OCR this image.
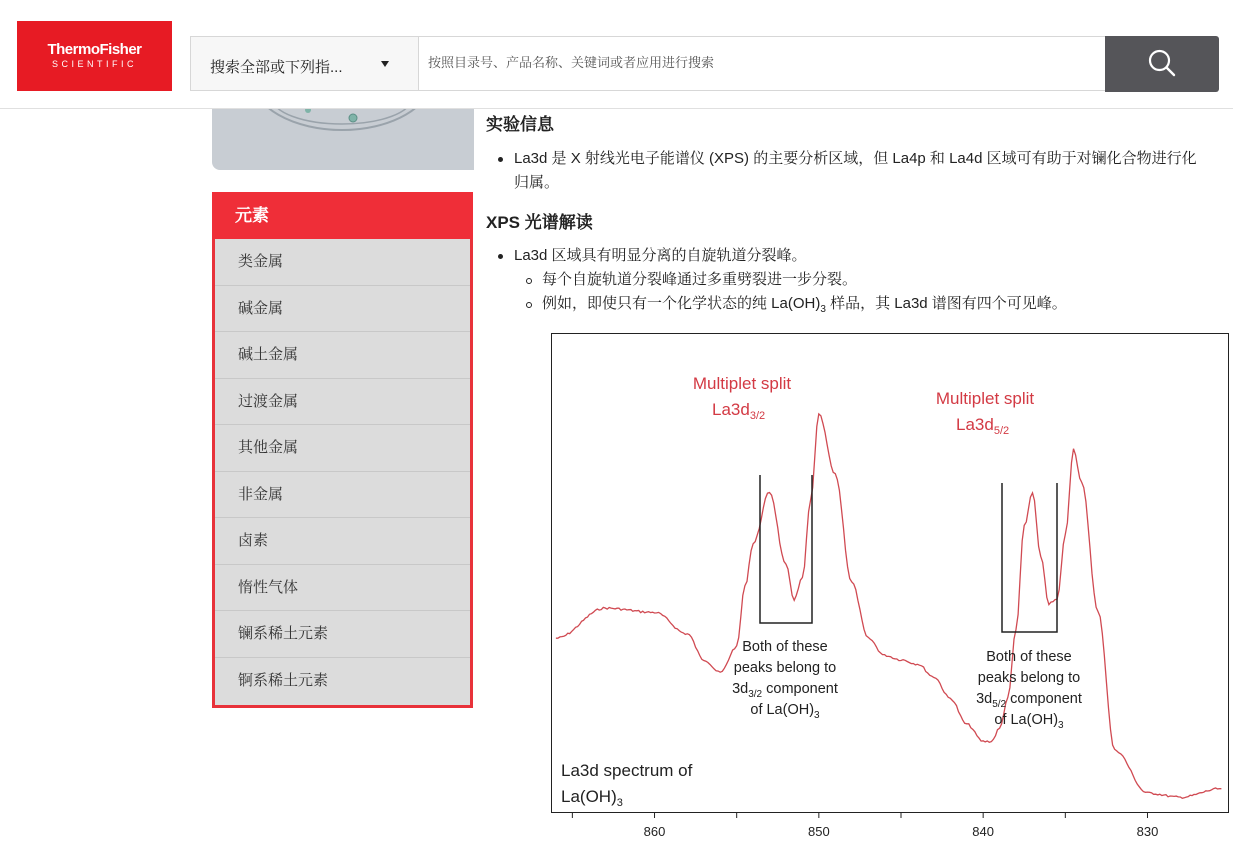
ThermoFisher
SCIENTIFIC	搜索全部或下列指...
按照目录号、产品名称、关键词或者应用进行搜索
元素
类金属
碱金属
碱土金属
过渡金属
其他金属
非金属
卤素
惰性气体
镧系稀土元素
锕系稀土元素
实验信息
La3d 是 X 射线光电子能谱仪 (XPS) 的主要分析区域，但 La4p 和 La4d 区域可有助于对镧化合物进行化
归属。
XPS 光谱解读
La3d 区域具有明显分离的自旋轨道分裂峰。
每个自旋轨道分裂峰通过多重劈裂进一步分裂。
例如，即使只有一个化学状态的纯 $La(OH)_3$ 样品，其 La3d 谱图有四个可见峰。
860	850	840	830
Multiplet split
$La3d_{3/2}$
Multiplet split
$La3d_{5/2}$
Both of these
peaks belong to
$3d_{3/2}$ component
of $La(OH)_3$
Both of these
peaks belong to
$3d_{5/2}$ component
of $La(OH)_3$
La3d spectrum of
$La(OH)_3$
